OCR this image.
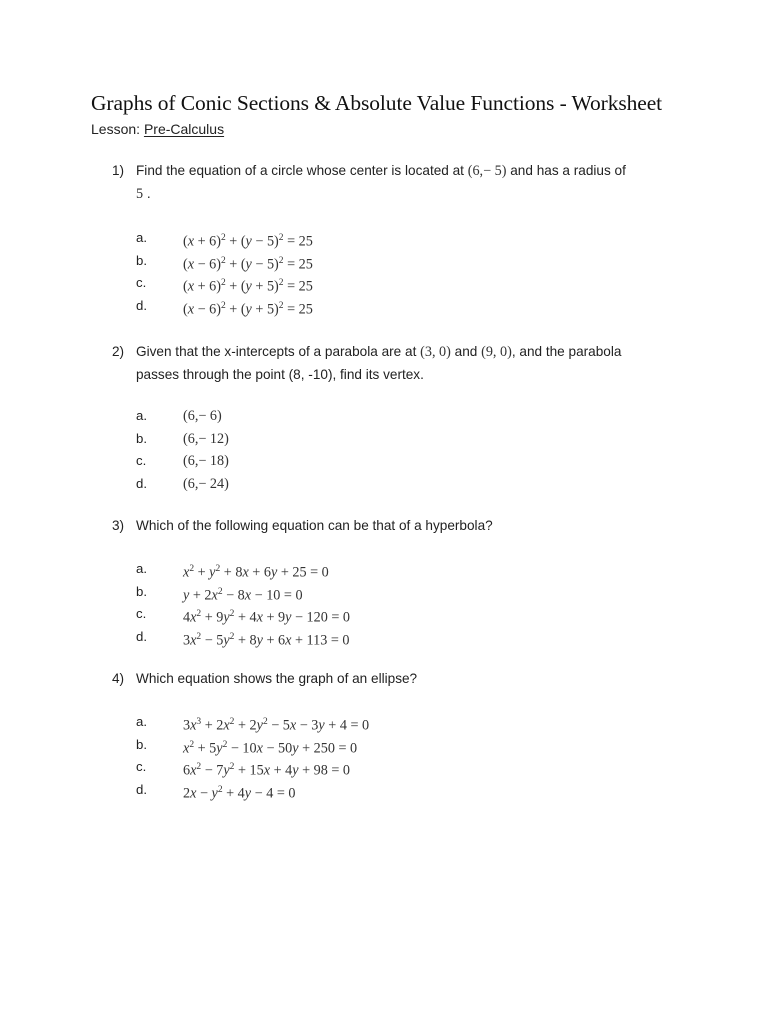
Graphs of Conic Sections & Absolute Value Functions - Worksheet
Lesson: Pre-Calculus
1) Find the equation of a circle whose center is located at (6,− 5) and has a radius of
5 .
a.	$(x + 6)^2 + (y - 5)^2 = 25$
b.	$(x - 6)^2 + (y - 5)^2 = 25$
c.	$(x + 6)^2 + (y + 5)^2 = 25$
d.	$(x - 6)^2 + (y + 5)^2 = 25$
2) Given that the x-intercepts of a parabola are at (3, 0) and (9, 0), and the parabola
passes through the point (8, -10), find its vertex.
a.	(6,− 6)
b.	(6,− 12)
c.	(6,− 18)
d.	(6,− 24)
3) Which of the following equation can be that of a hyperbola?
a.	$x^2 + y^2 + 8x + 6y + 25 = 0$
b.	$y + 2x^2 - 8x - 10 = 0$
c.	$4x^2 + 9y^2 + 4x + 9y - 120 = 0$
d.	$3x^2 - 5y^2 + 8y + 6x + 113 = 0$
4) Which equation shows the graph of an ellipse?
a.	$3x^3 + 2x^2 + 2y^2 - 5x - 3y + 4 = 0$
b.	$x^2 + 5y^2 - 10x - 50y + 250 = 0$
c.	$6x^2 - 7y^2 + 15x + 4y + 98 = 0$
d.	$2x - y^2 + 4y - 4 = 0$
